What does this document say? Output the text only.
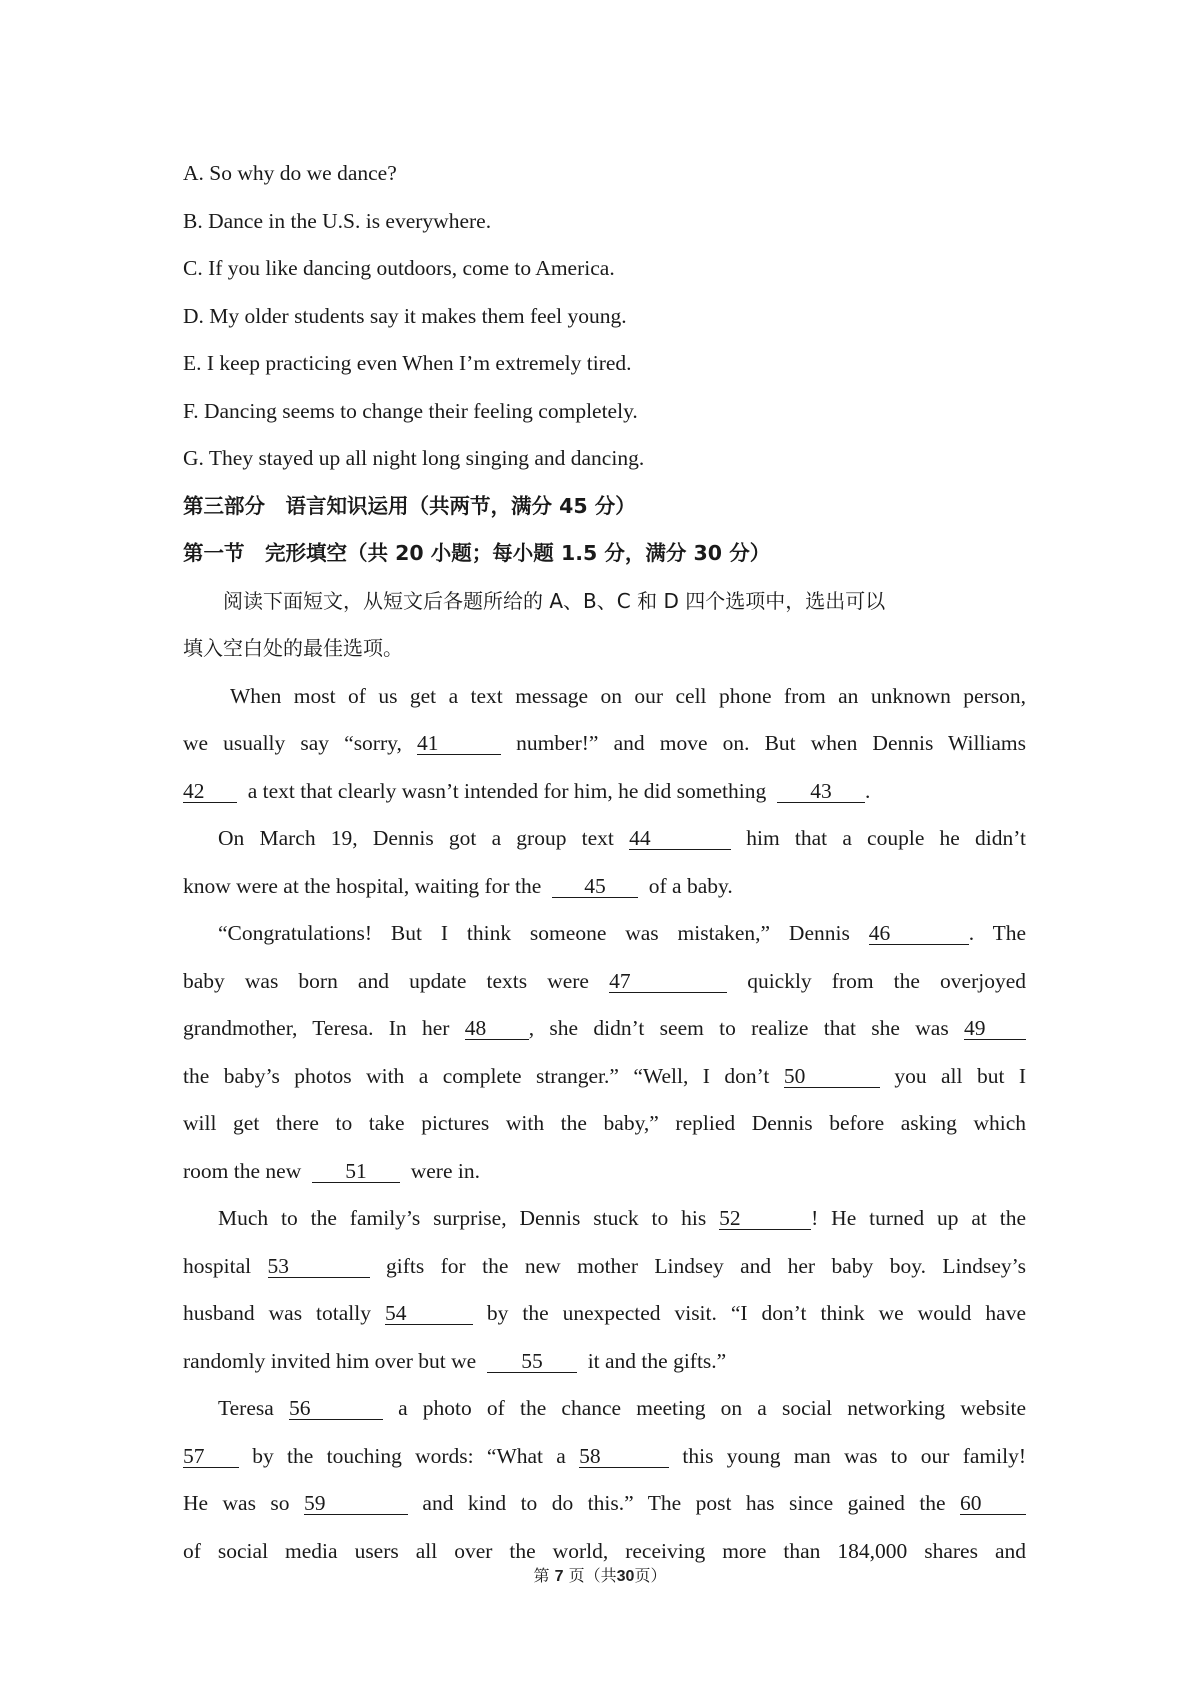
A. So why do we dance?
B. Dance in the U.S. is everywhere.
C. If you like dancing outdoors, come to America.
D. My older students say it makes them feel young.
E. I keep practicing even When I’m extremely tired.
F. Dancing seems to change their feeling completely.
G. They stayed up all night long singing and dancing.
第三部分　语言知识运用（共两节，满分 45 分）
第一节　完形填空（共 20 小题；每小题 1.5 分，满分 30 分）
阅读下面短文，从短文后各题所给的 A、B、C 和 D 四个选项中，选出可以
填入空白处的最佳选项。
When most of us get a text message on our cell phone from an unknown person,
we usually say “sorry, 41	number!” and move on. But when Dennis Williams
42 a text that clearly wasn’t intended for him, he did something 43 .
On March 19, Dennis got a group text 44	him that a couple he didn’t
know were at the hospital, waiting for the 45 of a baby.
“Congratulations! But I think someone was mistaken,” Dennis 46	. The
baby was born and update texts were 47	quickly from the overjoyed
grandmother, Teresa. In her 48 , she didn’t seem to realize that she was 49
the baby’s photos with a complete stranger.” “Well, I don’t 50	you all but I
will get there to take pictures with the baby,” replied Dennis before asking which
room the new 51 were in.
Much to the family’s surprise, Dennis stuck to his 52	! He turned up at the
hospital 53	gifts for the new mother Lindsey and her baby boy. Lindsey’s
husband was totally 54	by the unexpected visit. “I don’t think we would have
randomly invited him over but we 55 it and the gifts.”
Teresa 56	a photo of the chance meeting on a social networking website
57 by the touching words: “What a 58	this young man was to our family!
He was so 59	and kind to do this.” The post has since gained the 60
of social media users all over the world, receiving more than 184,000 shares and
第 7 页（共30页）
